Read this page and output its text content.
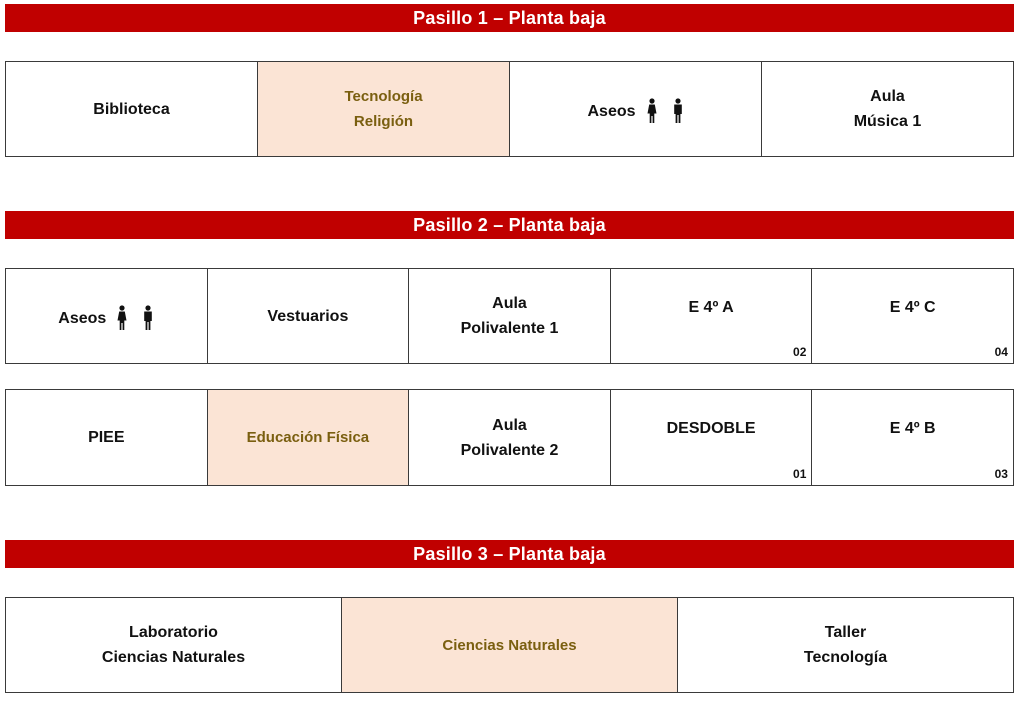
Pasillo 1 – Planta baja
Biblioteca
Tecnología
Religión
Aseos
Aula
Música 1
Pasillo 2 – Planta baja
Aseos	Vestuarios
Aula
Polivalente 1
E 4º A
02
E 4º C
04
PIEE	Educación Física
Aula
Polivalente 2
DESDOBLE
01
E 4º B
03
Pasillo 3 – Planta baja
Laboratorio
Ciencias Naturales
Ciencias Naturales
Taller
Tecnología
